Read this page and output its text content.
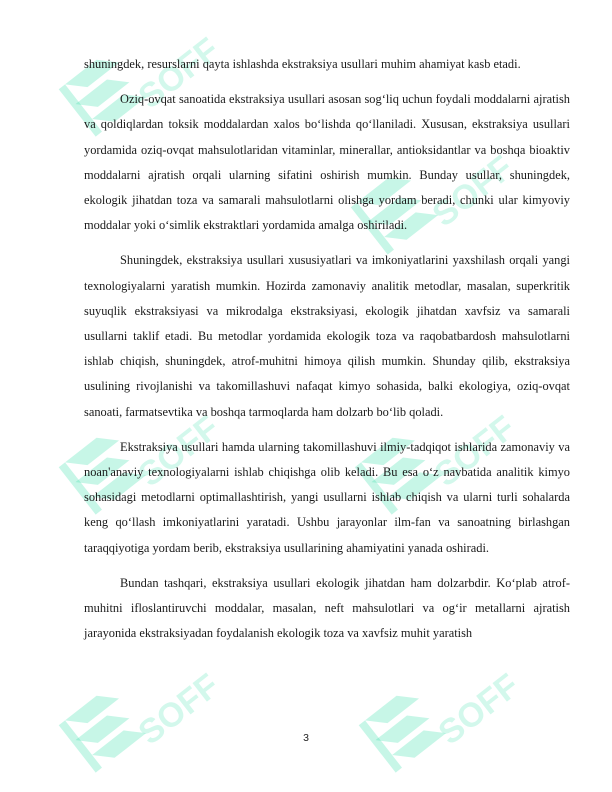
SOFF
SOFF
SOFF	SOFF
SOFF	SOFF

shuningdek, resurslarni qayta ishlashda ekstraksiya usullari muhim ahamiyat kasb etadi.

Oziq-ovqat sanoatida ekstraksiya usullari asosan sog‘liq uchun foydali moddalarni ajratish va qoldiqlardan toksik moddalardan xalos bo‘lishda qo‘llaniladi. Xususan, ekstraksiya usullari yordamida oziq-ovqat mahsulotlaridan vitaminlar, minerallar, antioksidantlar va boshqa bioaktiv moddalarni ajratish orqali ularning sifatini oshirish mumkin. Bunday usullar, shuningdek, ekologik jihatdan toza va samarali mahsulotlarni olishga yordam beradi, chunki ular kimyoviy moddalar yoki o‘simlik ekstraktlari yordamida amalga oshiriladi.

Shuningdek, ekstraksiya usullari xususiyatlari va imkoniyatlarini yaxshilash orqali yangi texnologiyalarni yaratish mumkin. Hozirda zamonaviy analitik metodlar, masalan, superkritik suyuqlik ekstraksiyasi va mikrodalga ekstraksiyasi, ekologik jihatdan xavfsiz va samarali usullarni taklif etadi. Bu metodlar yordamida ekologik toza va raqobatbardosh mahsulotlarni ishlab chiqish, shuningdek, atrof-muhitni himoya qilish mumkin. Shunday qilib, ekstraksiya usulining rivojlanishi va takomillashuvi nafaqat kimyo sohasida, balki ekologiya, oziq-ovqat sanoati, farmatsevtika va boshqa tarmoqlarda ham dolzarb bo‘lib qoladi.

Ekstraksiya usullari hamda ularning takomillashuvi ilmiy-tadqiqot ishlarida zamonaviy va noan'anaviy texnologiyalarni ishlab chiqishga olib keladi. Bu esa o‘z navbatida analitik kimyo sohasidagi metodlarni optimallashtirish, yangi usullarni ishlab chiqish va ularni turli sohalarda keng qo‘llash imkoniyatlarini yaratadi. Ushbu jarayonlar ilm-fan va sanoatning birlashgan taraqqiyotiga yordam berib, ekstraksiya usullarining ahamiyatini yanada oshiradi.

Bundan tashqari, ekstraksiya usullari ekologik jihatdan ham dolzarbdir. Ko‘plab atrof-muhitni ifloslantiruvchi moddalar, masalan, neft mahsulotlari va og‘ir metallarni ajratish jarayonida ekstraksiyadan foydalanish ekologik toza va xavfsiz muhit yaratish

3
